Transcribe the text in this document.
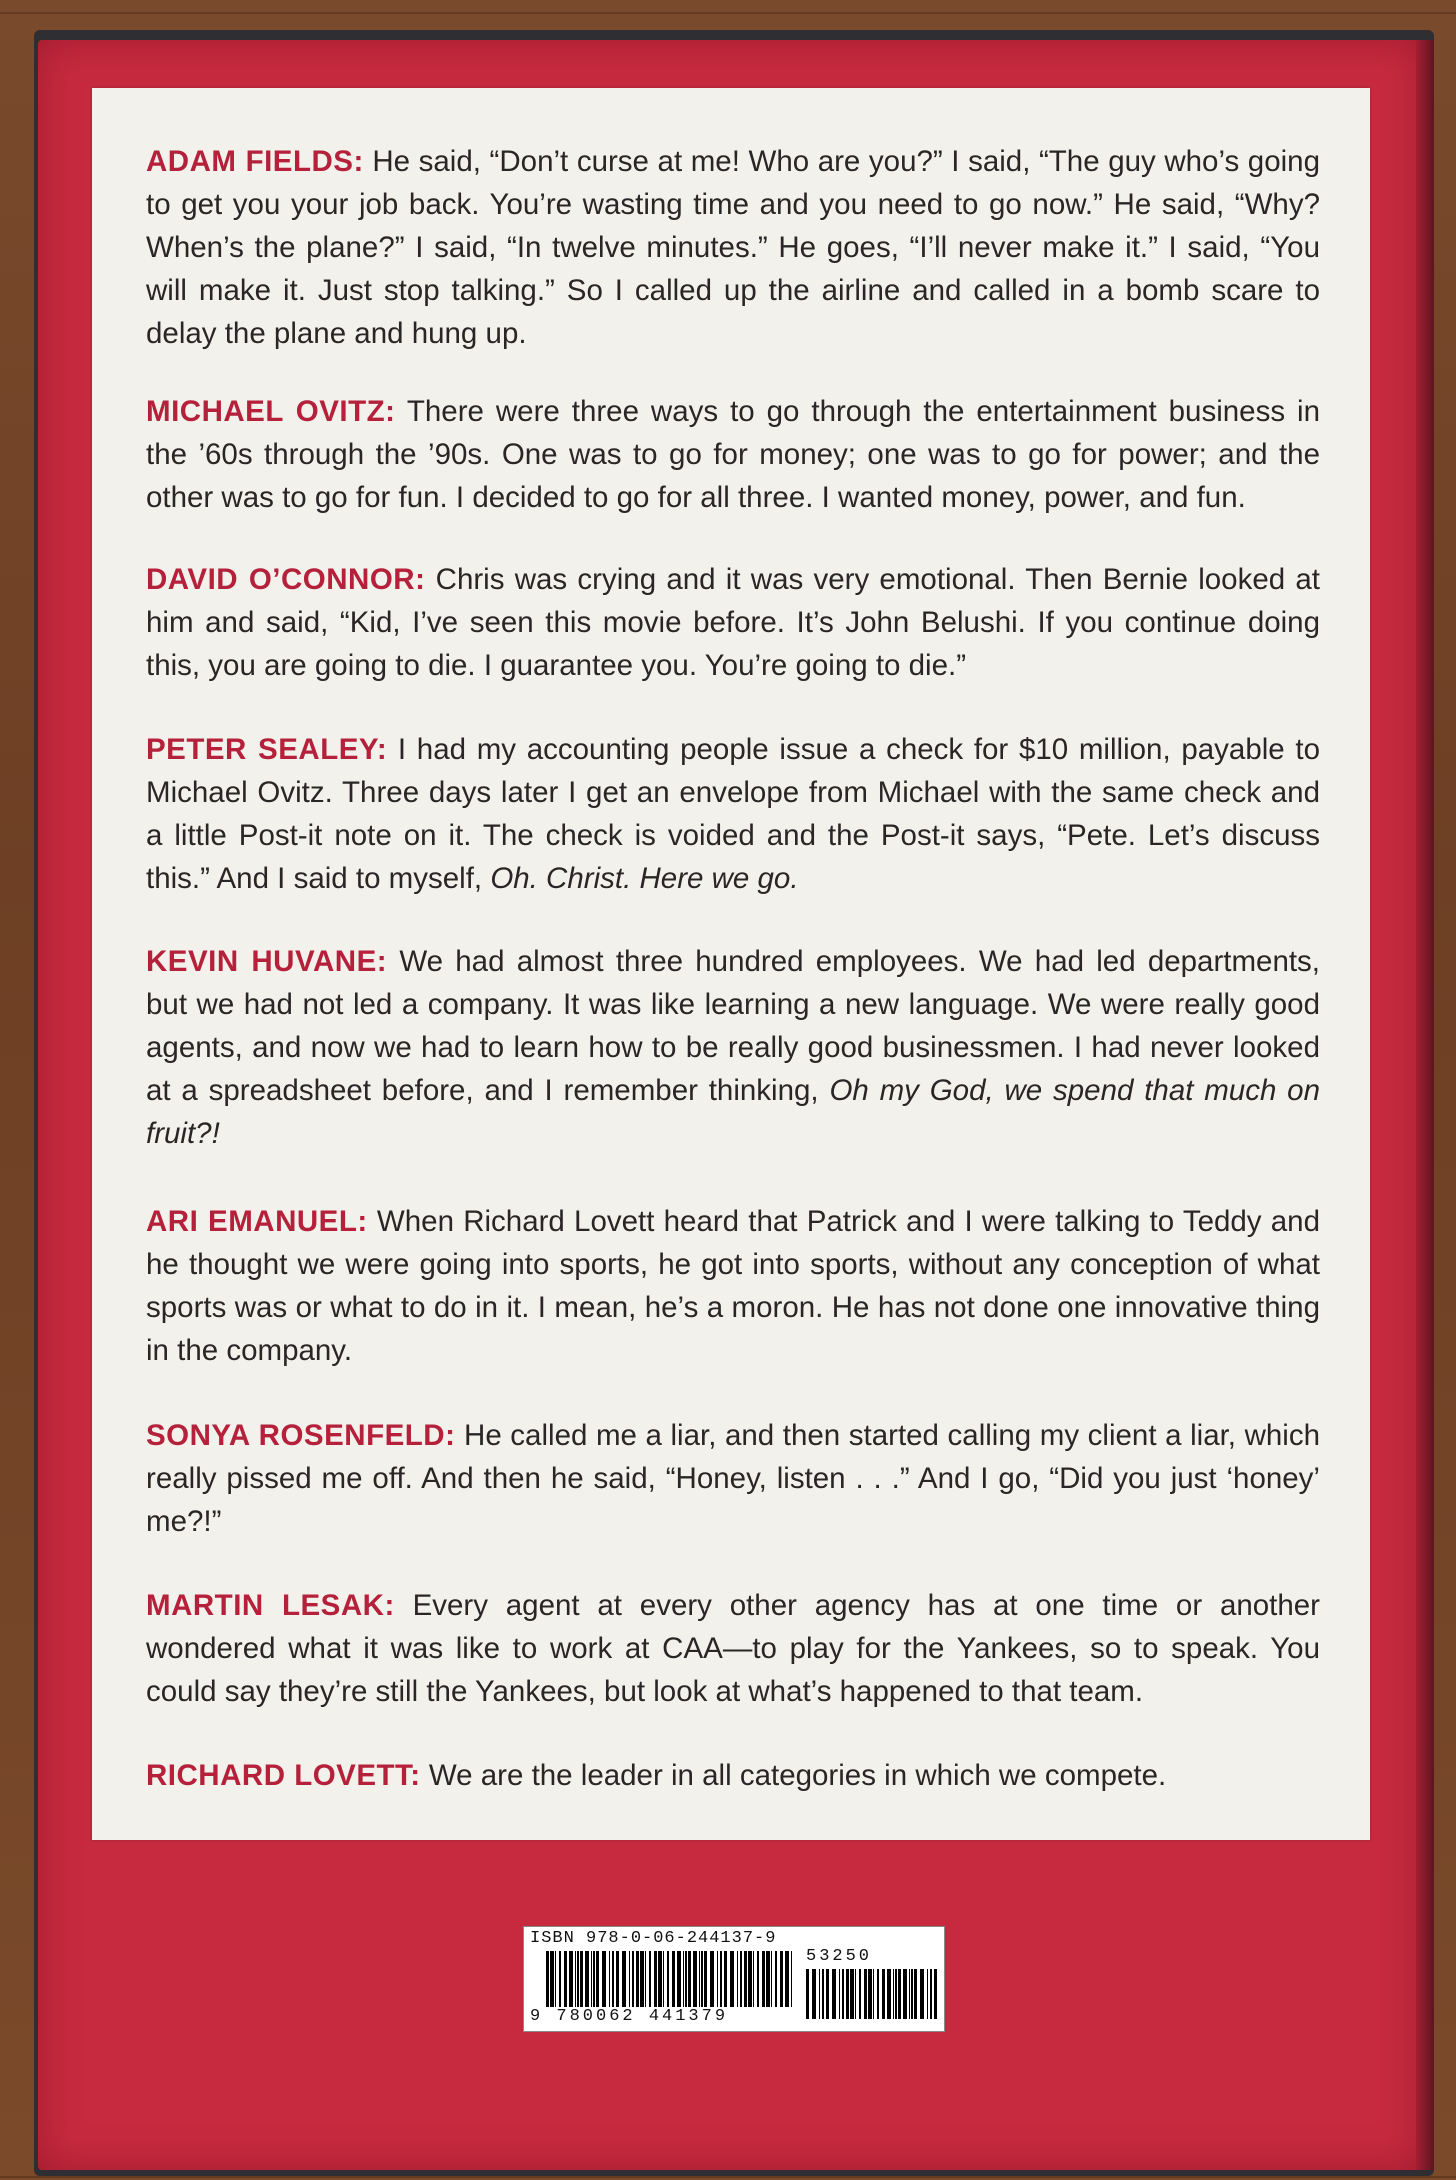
ADAM FIELDS: He said, “Don’t curse at me! Who are you?” I said, “The guy who’s going to get you your job back. You’re wasting time and you need to go now.” He said, “Why? When’s the plane?” I said, “In twelve minutes.” He goes, “I’ll never make it.” I said, “You will make it. Just stop talking.” So I called up the airline and called in a bomb scare to delay the plane and hung up.

MICHAEL OVITZ: There were three ways to go through the entertainment business in the ’60s through the ’90s. One was to go for money; one was to go for power; and the other was to go for fun. I decided to go for all three. I wanted money, power, and fun.

DAVID O’CONNOR: Chris was crying and it was very emotional. Then Bernie looked at him and said, “Kid, I’ve seen this movie before. It’s John Belushi. If you continue doing this, you are going to die. I guarantee you. You’re going to die.”

PETER SEALEY: I had my accounting people issue a check for $10 million, payable to Michael Ovitz. Three days later I get an envelope from Michael with the same check and a little Post-it note on it. The check is voided and the Post-it says, “Pete. Let’s discuss this.” And I said to myself, Oh. Christ. Here we go.

KEVIN HUVANE: We had almost three hundred employees. We had led departments, but we had not led a company. It was like learning a new language. We were really good agents, and now we had to learn how to be really good businessmen. I had never looked at a spreadsheet before, and I remember thinking, Oh my God, we spend that much on fruit?!

ARI EMANUEL: When Richard Lovett heard that Patrick and I were talking to Teddy and he thought we were going into sports, he got into sports, without any conception of what sports was or what to do in it. I mean, he’s a moron. He has not done one innovative thing in the company.

SONYA ROSENFELD: He called me a liar, and then started calling my client a liar, which really pissed me off. And then he said, “Honey, listen . . .” And I go, “Did you just ‘honey’ me?!”

MARTIN LESAK: Every agent at every other agency has at one time or another wondered what it was like to work at CAA—to play for the Yankees, so to speak. You could say they’re still the Yankees, but look at what’s happened to that team.

RICHARD LOVETT: We are the leader in all categories in which we compete.

ISBN 978-0-06-244137-9
9 780062 441379
53250
